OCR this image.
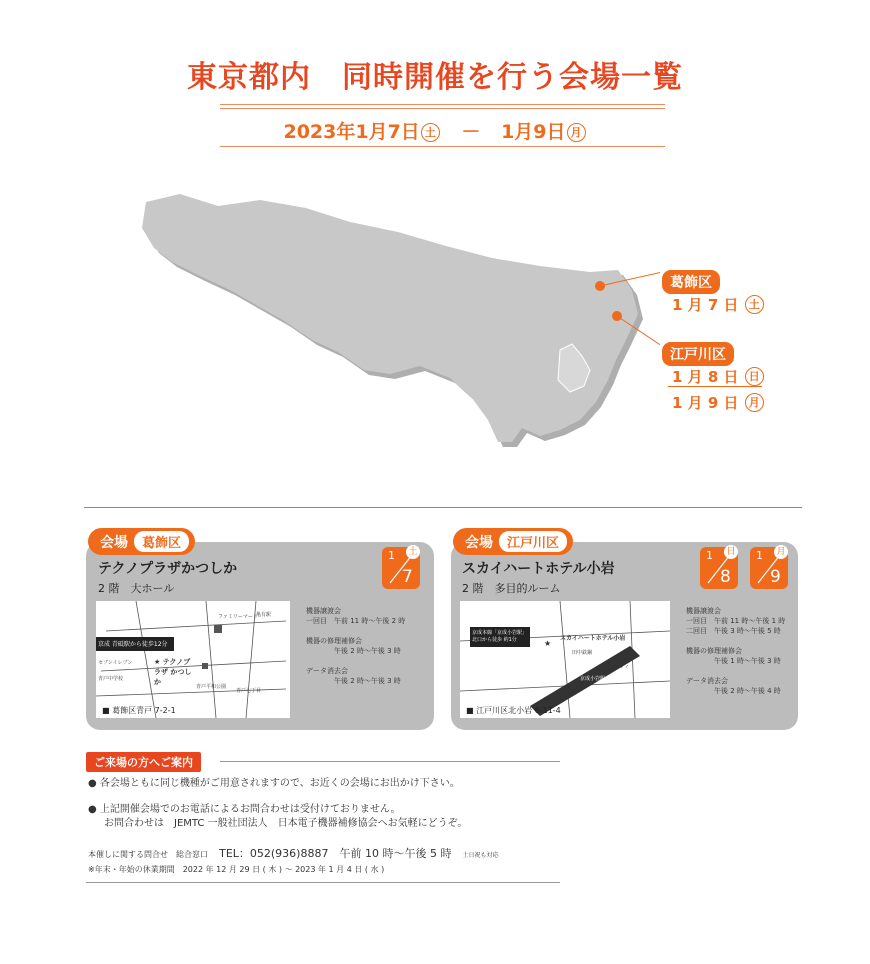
東京都内　同時開催を行う会場一覧
2023年1月7日 土 － 1月9日 月
葛飾区
1 月 7 日 土
江戸川区
1 月 8 日 日
1 月 9 日 月
会場	葛飾区
テクノプラザかつしか
2 階　大ホール
1
7
土
京成 青砥駅から徒歩12分
★ テクノプラザ かつしか
セブンイレブン
青戸中学校
ファミリーマート
青戸平和公園
青戸七丁目
亀有駅
■ 葛飾区青戸 7-2-1
機器譲渡会
一回目　午前 11 時〜午後 2 時

機器の修理補修会
　　　　午後 2 時〜午後 3 時

データ消去会
　　　　午後 2 時〜午後 3 時
会場	江戸川区
スカイハートホテル小岩
2 階　多目的ルーム
1
8
日 1
9
月
京成本線「京成小岩駅」北口から徒歩 約1分	スカイハートホテル小岩
★
田中鉄鋼
グルメシティ
京成小岩駅
■ 江戸川区北小岩 6-11-4
機器譲渡会
一回目　午前 11 時〜午後 1 時
二回目　午後 3 時〜午後 5 時

機器の修理補修会
　　　　午後 1 時〜午後 3 時

データ消去会
　　　　午後 2 時〜午後 4 時
ご来場の方へご案内
● 各会場ともに同じ機種がご用意されますので、お近くの会場にお出かけ下さい。
● 上記開催会場でのお電話によるお問合わせは受付けておりません。
お問合わせは　JEMTC 一般社団法人　日本電子機器補修協会へお気軽にどうぞ。
本催しに関する問合せ　総合窓口 TEL：052(936)8887　午前 10 時〜午後 5 時 土日祝も対応
※年末・年始の休業期間　2022 年 12 月 29 日 ( 木 ) 〜 2023 年 1 月 4 日 ( 水 )
